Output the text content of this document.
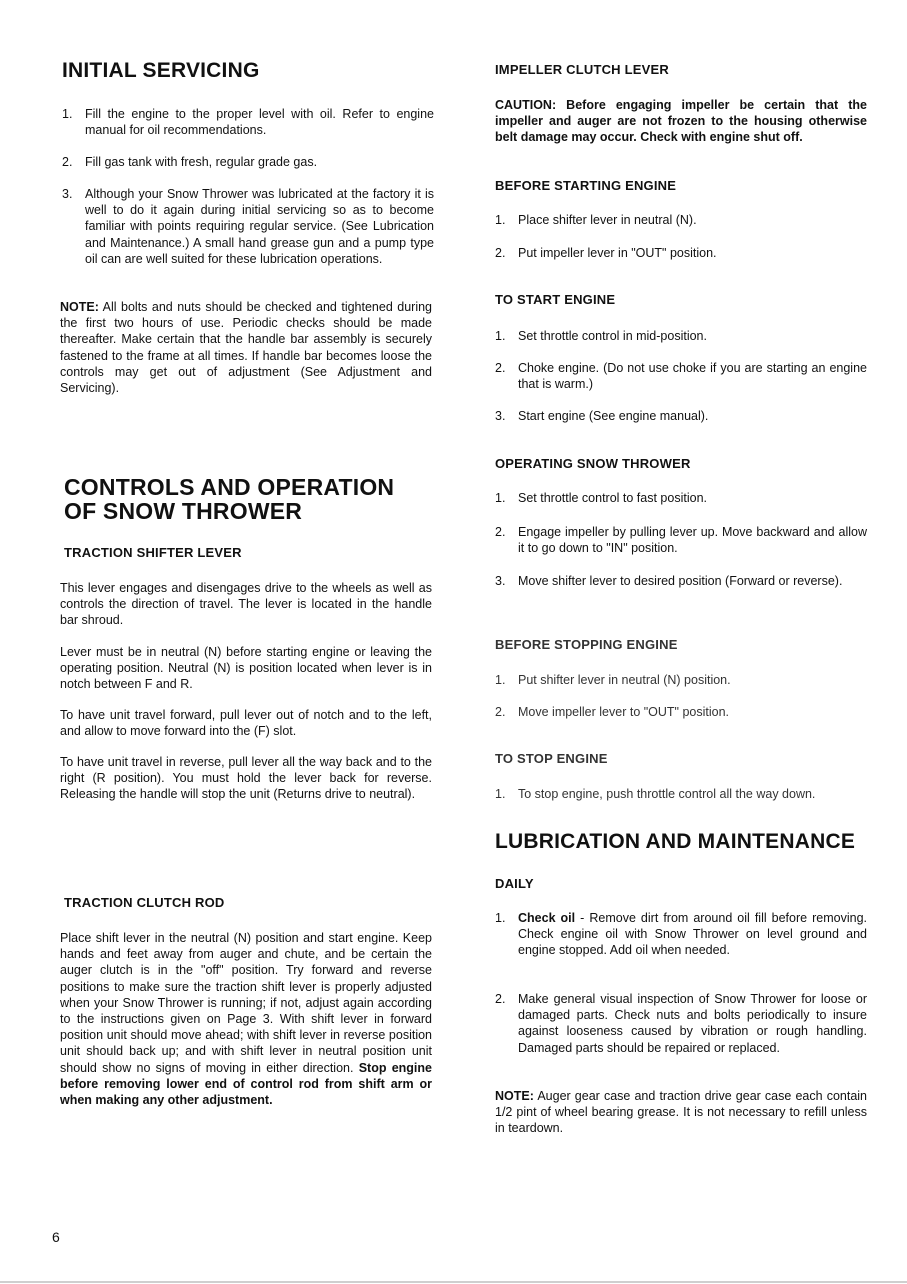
INITIAL SERVICING
1.	Fill the engine to the proper level with oil. Refer to engine manual for oil recommendations.
2.	Fill gas tank with fresh, regular grade gas.
3.	Although your Snow Thrower was lubricated at the factory it is well to do it again during initial servicing so as to become familiar with points requiring regular service. (See Lubrication and Maintenance.) A small hand grease gun and a pump type oil can are well suited for these lubrication operations.

NOTE: All bolts and nuts should be checked and tightened during the first two hours of use. Periodic checks should be made thereafter. Make certain that the handle bar assembly is securely fastened to the frame at all times. If handle bar becomes loose the controls may get out of adjustment (See Adjustment and Servicing).

CONTROLS AND OPERATION
OF SNOW THROWER
TRACTION SHIFTER LEVER

This lever engages and disengages drive to the wheels as well as controls the direction of travel. The lever is located in the handle bar shroud.

Lever must be in neutral (N) before starting engine or leaving the operating position. Neutral (N) is position located when lever is in notch between F and R.

To have unit travel forward, pull lever out of notch and to the left, and allow to move forward into the (F) slot.

To have unit travel in reverse, pull lever all the way back and to the right (R position). You must hold the lever back for reverse. Releasing the handle will stop the unit (Returns drive to neutral).

TRACTION CLUTCH ROD

Place shift lever in the neutral (N) position and start engine. Keep hands and feet away from auger and chute, and be certain the auger clutch is in the "off" position. Try forward and reverse positions to make sure the traction shift lever is properly adjusted when your Snow Thrower is running; if not, adjust again according to the instructions given on Page 3. With shift lever in forward position unit should move ahead; with shift lever in reverse position unit should back up; and with shift lever in neutral position unit should show no signs of moving in either direction. Stop engine before removing lower end of control rod from shift arm or when making any other adjustment.

6
IMPELLER CLUTCH LEVER

CAUTION: Before engaging impeller be certain that the impeller and auger are not frozen to the housing otherwise belt damage may occur. Check with engine shut off.

BEFORE STARTING ENGINE
1.	Place shifter lever in neutral (N).
2.	Put impeller lever in "OUT" position.
TO START ENGINE
1.	Set throttle control in mid-position.
2.	Choke engine. (Do not use choke if you are starting an engine that is warm.)
3.	Start engine (See engine manual).
OPERATING SNOW THROWER
1.	Set throttle control to fast position.
2.	Engage impeller by pulling lever up. Move backward and allow it to go down to "IN" position.
3.	Move shifter lever to desired position (Forward or reverse).
BEFORE STOPPING ENGINE
1.	Put shifter lever in neutral (N) position.
2.	Move impeller lever to "OUT" position.
TO STOP ENGINE
1.	To stop engine, push throttle control all the way down.
LUBRICATION AND MAINTENANCE
DAILY
1.	Check oil - Remove dirt from around oil fill before removing. Check engine oil with Snow Thrower on level ground and engine stopped. Add oil when needed.
2.	Make general visual inspection of Snow Thrower for loose or damaged parts. Check nuts and bolts periodically to insure against looseness caused by vibration or rough handling. Damaged parts should be repaired or replaced.

NOTE: Auger gear case and traction drive gear case each contain 1/2 pint of wheel bearing grease. It is not necessary to refill unless in teardown.
